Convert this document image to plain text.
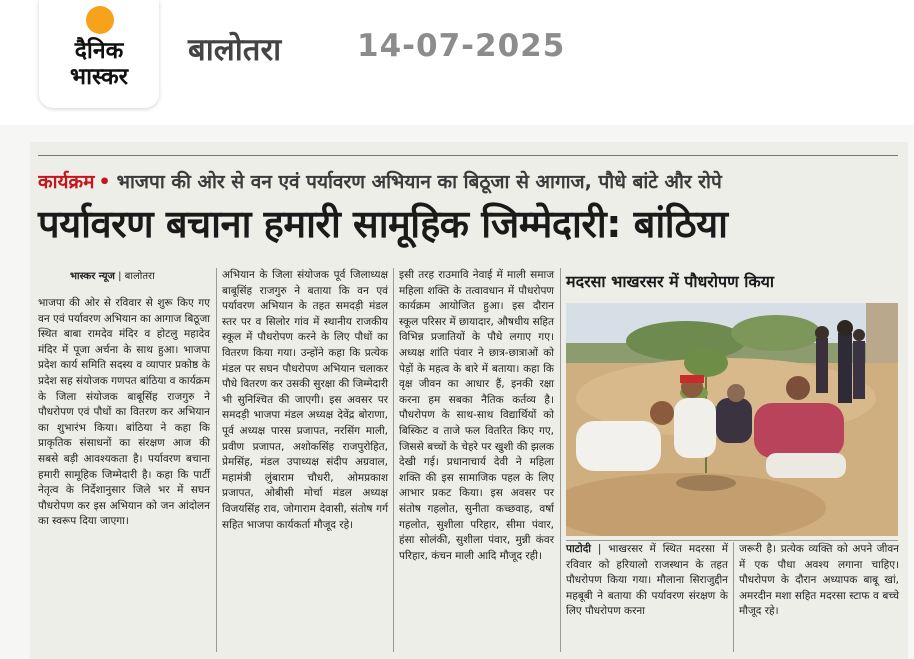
दैनिक
भास्कर
बालोतरा 14-07-2025
कार्यक्रम • भाजपा की ओर से वन एवं पर्यावरण अभियान का बिठूजा से आगाज, पौधे बांटे और रोपे
पर्यावरण बचाना हमारी सामूहिक जिम्मेदारी: बांठिया
भास्कर न्यूज | बालोतरा

भाजपा की ओर से रविवार से शुरू किए गए वन एवं पर्यावरण अभियान का आगाज बिठूजा स्थित बाबा रामदेव मंदिर व होटलु महादेव मंदिर में पूजा अर्चना के साथ हुआ। भाजपा प्रदेश कार्य समिति सदस्य व व्यापार प्रकोष्ठ के प्रदेश सह संयोजक गणपत बांठिया व कार्यक्रम के जिला संयोजक बाबूसिंह राजगुरु ने पौधरोपण एवं पौधों का वितरण कर अभियान का शुभारंभ किया। बांठिया ने कहा कि प्राकृतिक संसाधनों का संरक्षण आज की सबसे बड़ी आवश्यकता है। पर्यावरण बचाना हमारी सामूहिक जिम्मेदारी है। कहा कि पार्टी नेतृत्व के निर्देशानुसार जिले भर में सघन पौधरोपण कर इस अभियान को जन आंदोलन का स्वरूप दिया जाएगा।

अभियान के जिला संयोजक पूर्व जिलाध्यक्ष बाबूसिंह राजगुरु ने बताया कि वन एवं पर्यावरण अभियान के तहत समदड़ी मंडल स्तर पर व सिलोर गांव में स्थानीय राजकीय स्कूल में पौधरोपण करने के लिए पौधों का वितरण किया गया। उन्होंने कहा कि प्रत्येक मंडल पर सघन पौधरोपण अभियान चलाकर पौधे वितरण कर उसकी सुरक्षा की जिम्मेदारी भी सुनिश्चित की जाएगी। इस अवसर पर समदड़ी भाजपा मंडल अध्यक्ष देवेंद्र बोराणा, पूर्व अध्यक्ष पारस प्रजापत, नरसिंग माली, प्रवीण प्रजापत, अशोकसिंह राजपुरोहित, प्रेमसिंह, मंडल उपाध्यक्ष संदीप अग्रवाल, महामंत्री लुंबाराम चौधरी, ओमप्रकाश प्रजापत, ओबीसी मोर्चा मंडल अध्यक्ष विजयसिंह राव, जोगाराम देवासी, संतोष गर्ग सहित भाजपा कार्यकर्ता मौजूद रहे।

इसी तरह राउमावि नेवाई में माली समाज महिला शक्ति के तत्वावधान में पौधरोपण कार्यक्रम आयोजित हुआ। इस दौरान स्कूल परिसर में छायादार, औषधीय सहित विभिन्न प्रजातियों के पौधे लगाए गए। अध्यक्ष शांति पंवार ने छात्र-छात्राओं को पेड़ों के महत्व के बारे में बताया। कहा कि वृक्ष जीवन का आधार हैं, इनकी रक्षा करना हम सबका नैतिक कर्तव्य है। पौधरोपण के साथ-साथ विद्यार्थियों को बिस्किट व ताजे फल वितरित किए गए, जिससे बच्चों के चेहरे पर खुशी की झलक देखी गई। प्रधानाचार्य देवी ने महिला शक्ति की इस सामाजिक पहल के लिए आभार प्रकट किया। इस अवसर पर संतोष गहलोत, सुनीता कच्छवाह, वर्षा गहलोत, सुशीला परिहार, सीमा पंवार, हंसा सोलंकी, सुशीला पंवार, मुन्नी कंवर परिहार, कंचन माली आदि मौजूद रही।

मदरसा भाखरसर में पौधरोपण किया
पाटोदी | भाखरसर में स्थित मदरसा में रविवार को हरियालो राजस्थान के तहत पौधरोपण किया गया। मौलाना सिराजुद्दीन महबूबी ने बताया की पर्यावरण संरक्षण के लिए पौधरोपण करना
जरूरी है। प्रत्येक व्यक्ति को अपने जीवन में एक पौधा अवश्य लगाना चाहिए। पौधरोपण के दौरान अध्यापक बाबू खां, अमरदीन मशा सहित मदरसा स्टाफ व बच्चे मौजूद रहे।
